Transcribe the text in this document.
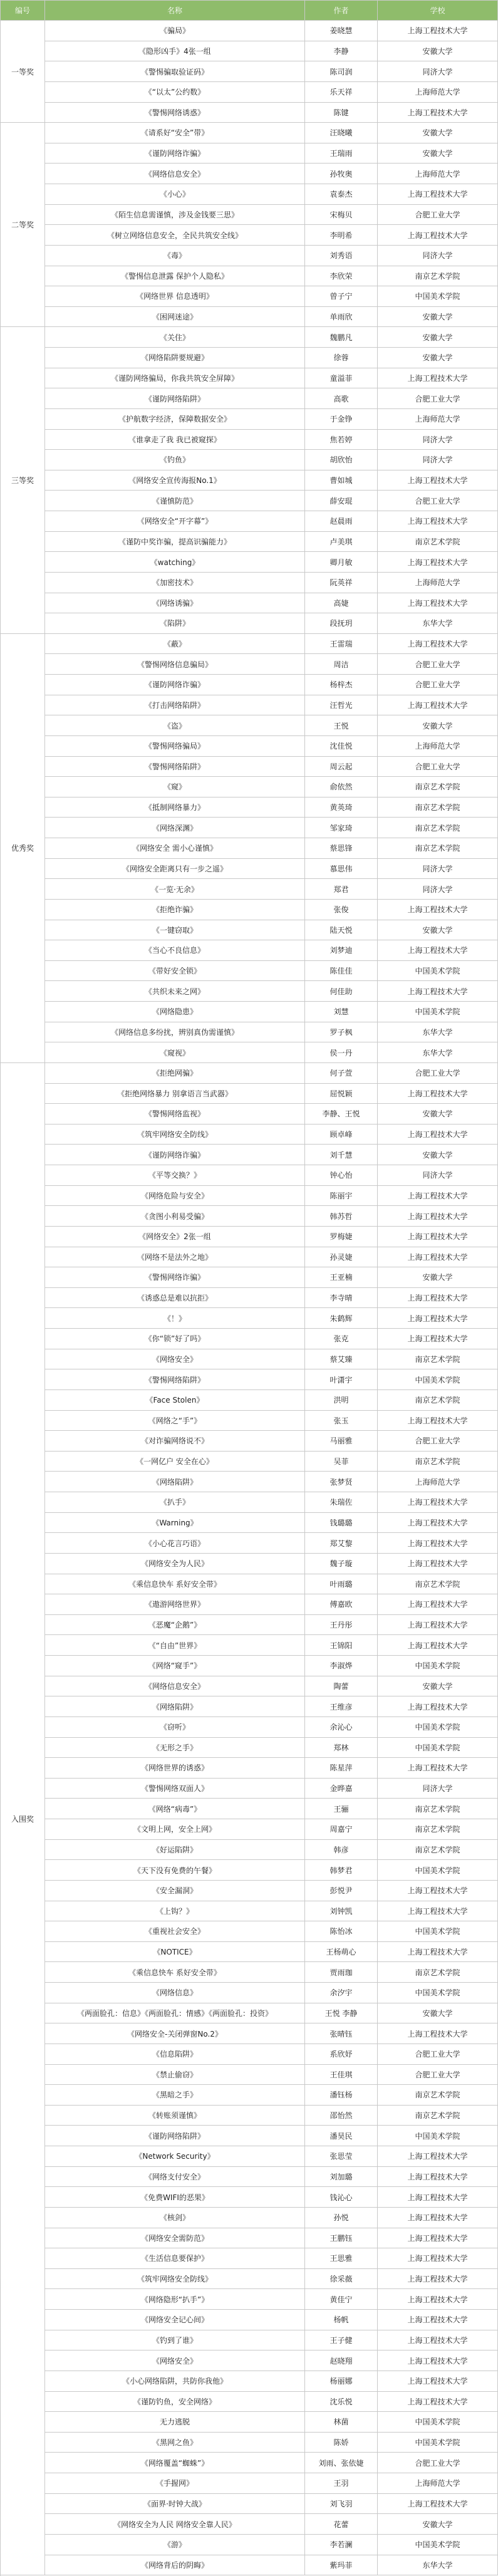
编号	名称	作者	学校
一等奖
《骗局》	姜晓慧	上海工程技术大学
《隐形凶手》4张一组	李静	安徽大学
《警惕骗取验证码》	陈司润	同济大学
《“以太”公约数》	乐天祥	上海师范大学
《警惕网络诱惑》	陈键	上海工程技术大学
二等奖
《请系好“安全”带》	汪晓曦	安徽大学
《谨防网络诈骗》	王瑞雨	安徽大学
《网络信息安全》	孙牧奥	上海师范大学
《小心》	袁泰杰	上海工程技术大学
《陌生信息需谨慎，涉及金钱要三思》	宋梅贝	合肥工业大学
《树立网络信息安全，全民共筑安全线》	李明希	上海工程技术大学
《毒》	刘秀语	同济大学
《警惕信息泄露 保护个人隐私》	李欣荣	南京艺术学院
《网络世界 信息透明》	曾子宁	中国美术学院
《困网迷途》	单雨欣	安徽大学
三等奖
《关住》	魏鹏凡	安徽大学
《网络陷阱要规避》	徐蓉	安徽大学
《谨防网络骗局，你我共筑安全屏障》	童溢菲	上海工程技术大学
《谨防网络陷阱》	高歌	合肥工业大学
《护航数字经济，保障数据安全》	于金铮	上海师范大学
《谁拿走了我 我已被窥探》	焦若婷	同济大学
《钓鱼》	胡欣怡	同济大学
《网络安全宣传海报No.1》	曹如城	上海工程技术大学
《谨慎防范》	薛安琨	合肥工业大学
《网络安全“开字幕”》	赵晨雨	上海工程技术大学
《谨防中奖诈骗，提高识骗能力》	卢美琪	南京艺术学院
《watching》	卿月敏	上海工程技术大学
《加密技术》	阮英祥	上海师范大学
《网络诱骗》	高婕	上海工程技术大学
《陷阱》	段抚玥	东华大学
优秀奖
《蔽》	王雷瑞	上海工程技术大学
《警惕网络信息骗局》	周洁	合肥工业大学
《谨防网络诈骗》	杨梓杰	合肥工业大学
《打击网络陷阱》	汪哲光	上海工程技术大学
《盗》	王悦	安徽大学
《警惕网络骗局》	沈佳悦	上海师范大学
《警惕网络陷阱》	周云起	合肥工业大学
《窥》	俞依然	南京艺术学院
《抵制网络暴力》	黄英琦	南京艺术学院
《网络深渊》	邹家琦	南京艺术学院
《网络安全 需小心谨慎》	蔡思锋	南京艺术学院
《网络安全距离只有一步之遥》	慕思伟	同济大学
《一览·无余》	郑君	同济大学
《拒绝诈骗》	张俊	上海工程技术大学
《一键窃取》	陆天悦	安徽大学
《当心不良信息》	刘梦迪	上海工程技术大学
《带好安全锁》	陈佳佳	中国美术学院
《共织未来之网》	何佳助	上海工程技术大学
《网络隐患》	刘慧	中国美术学院
《网络信息多纷扰，辨别真伪需谨慎》	罗子枫	东华大学
《窥视》	侯一丹	东华大学
入围奖
《拒绝网骗》	何子萱	合肥工业大学
《拒绝网络暴力 别拿语言当武器》	屈悦颖	上海工程技术大学
《警惕网络监视》	李静、王悦	安徽大学
《筑牢网络安全防线》	顾卓峰	上海工程技术大学
《谨防网络诈骗》	刘千慧	安徽大学
《平等交换？》	钟心怡	同济大学
《网络危险与安全》	陈丽宇	上海工程技术大学
《贪图小利易受骗》	韩苏哲	上海工程技术大学
《网络安全》2张一组	罗梅婕	上海工程技术大学
《网络不是法外之地》	孙灵婕	上海工程技术大学
《警惕网络诈骗》	王亚楠	安徽大学
《诱惑总是难以抗拒》	李寺晴	上海工程技术大学
《！》	朱鹤辉	上海工程技术大学
《你“锁”好了吗》	张克	上海工程技术大学
《网络安全》	蔡艾臻	南京艺术学院
《警惕网络陷阱》	叶潇宇	中国美术学院
《Face Stolen》	洪明	南京艺术学院
《网络之“手”》	张玉	上海工程技术大学
《对诈骗网络说不》	马丽雅	合肥工业大学
《一网亿户 安全在心》	吴菲	南京艺术学院
《网络陷阱》	张梦贤	上海师范大学
《扒手》	朱瑞佐	上海工程技术大学
《Warning》	钱璐璐	上海工程技术大学
《小心花言巧语》	郑艾黎	上海工程技术大学
《网络安全为人民》	魏子璇	上海工程技术大学
《乘信息快车 系好安全带》	叶雨璐	南京艺术学院
《遨游网络世界》	傅嘉欧	上海工程技术大学
《恶魔“企鹅”》	王丹彤	上海工程技术大学
《“自由”世界》	王锦阳	上海工程技术大学
《网络“窥手”》	李淑烨	中国美术学院
《网络信息安全》	陶蕾	安徽大学
《网络陷阱》	王维彦	上海工程技术大学
《窃听》	余沁心	中国美术学院
《无形之手》	郑林	中国美术学院
《网络世界的诱惑》	陈星萍	上海工程技术大学
《警惕网络双面人》	金晔嘉	同济大学
《网络“病毒”》	王骊	南京艺术学院
《文明上网，安全上网》	周嘉宁	南京艺术学院
《好运陷阱》	韩彦	南京艺术学院
《天下没有免费的午餐》	韩梦君	中国美术学院
《安全漏洞》	彭悦尹	上海工程技术大学
《上钩？》	刘钟凯	上海工程技术大学
《重视社会安全》	陈怡冰	中国美术学院
《NOTICE》	王杨萌心	上海工程技术大学
《乘信息快车 系好安全带》	贾雨珈	南京艺术学院
《网络信息》	余汐宇	中国美术学院
《两面脸孔：信息》《两面脸孔：情感》《两面脸孔：投资》	王悦 李静	安徽大学
《网络安全-关闭弹窗No.2》	张晴钰	上海工程技术大学
《信息陷阱》	系欣妤	合肥工业大学
《禁止偷窃》	王佳琪	合肥工业大学
《黑暗之手》	潘钰杨	南京艺术学院
《转账须谨慎》	邵怡然	南京艺术学院
《谨防网络陷阱》	潘昊民	中国美术学院
《Network Security》	张思莹	上海工程技术大学
《网络支付安全》	刘加璐	上海工程技术大学
《免费WIFI的恶果》	钱沁心	上海工程技术大学
《核剑》	孙悦	上海工程技术大学
《网络安全需防范》	王鹏钰	上海工程技术大学
《生活信息要保护》	王思雅	上海工程技术大学
《筑牢网络安全防线》	徐采薇	上海工程技术大学
《网络隐形“扒手”》	黄佳宁	上海工程技术大学
《网络安全记心间》	杨帆	上海工程技术大学
《钓到了谁》	王子健	上海工程技术大学
《网络安全》	赵晓翔	上海工程技术大学
《小心网络陷阱，共防你我他》	杨丽娜	上海工程技术大学
《谨防钓鱼，安全网络》	沈乐悦	上海工程技术大学
无力逃脱	林菌	中国美术学院
《黑网之鱼》	陈娇	中国美术学院
《网络覆盖“蜘蛛”》	刘雨、张依婕	合肥工业大学
《手握网》	王羽	上海师范大学
《面界·时钟大战》	刘飞羽	上海工程技术大学
《网络安全为人民 网络安全靠人民》	花蕾	安徽大学
《游》	李若澜	中国美术学院
《网络背后的阴晦》	紫玛菲	东华大学
